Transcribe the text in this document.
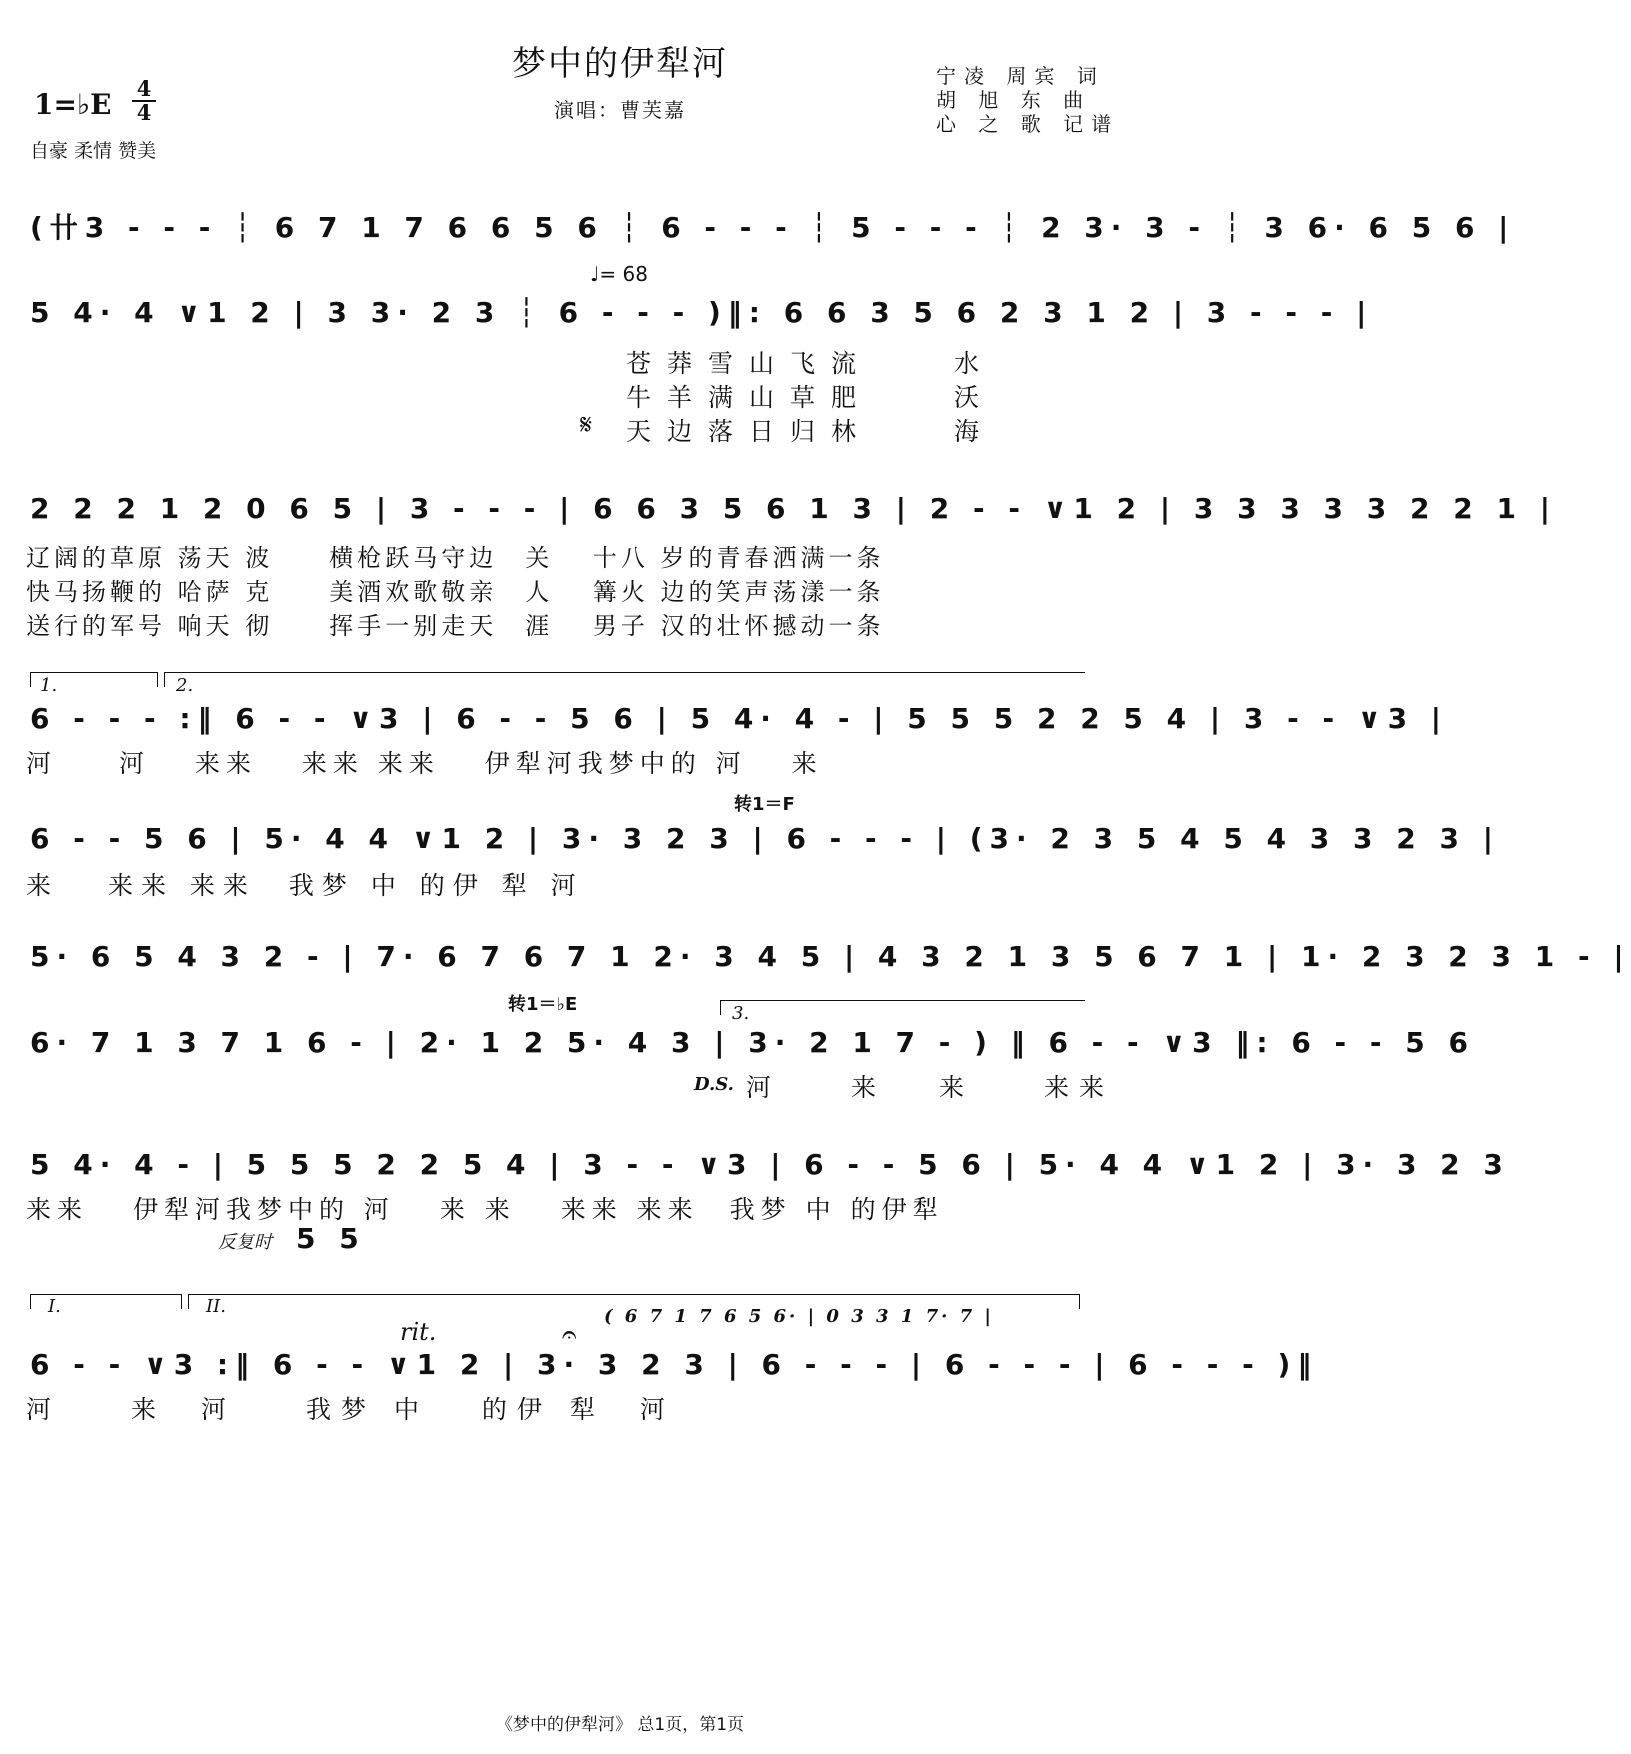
梦中的伊犁河
演唱：曹芙嘉
宁凌 周宾 词
胡 旭 东 曲
心 之 歌 记谱
1=♭E 4
4
自豪 柔情 赞美
(卄3 - - - ┆ 6 7 1 7 6 6 5 6 ┆ 6 - - - ┆ 5 - - - ┆ 2 3· 3 - ┆ 3 6· 6 5 6 |
♩= 68
5 4· 4 ∨1 2 | 3 3· 2 3 ┆ 6 - - - )‖: 6 6 3 5 6 2 3 1 2 | 3 - - - |
苍莽雪山飞流　　水
牛羊满山草肥　　沃
𝄋 天边落日归林　　海
2 2 2 1 2 0 6 5 | 3 - - - | 6 6 3 5 6 1 3 | 2 - - ∨1 2 | 3 3 3 3 3 2 2 1 |
辽阔的草原 荡天 波　　横枪跃马守边　关　 十八 岁的青春洒满一条
快马扬鞭的 哈萨 克　　美酒欢歌敬亲　人　 篝火 边的笑声荡漾一条
送行的军号 响天 彻　　挥手一别走天　涯　 男子 汉的壮怀撼动一条
1.	2.
6 - - - :‖ 6 - - ∨3 | 6 - - 5 6 | 5 4· 4 - | 5 5 5 2 2 5 4 | 3 - - ∨3 |
河　　河　 来来　 来来 来来　 伊犁河我梦中的 河　 来
转1＝F
6 - - 5 6 | 5· 4 4 ∨1 2 | 3· 3 2 3 | 6 - - - | (3· 2 3 5 4 5 4 3 3 2 3 |
来　 来来 来来　我梦 中 的伊 犁 河
5· 6 5 4 3 2 - | 7· 6 7 6 7 1 2· 3 4 5 | 4 3 2 1 3 5 6 7 1 | 1· 2 3 2 3 1 - |
转1＝♭E	3.
6· 7 1 3 7 1 6 - | 2· 1 2 5· 4 3 | 3· 2 1 7 - ) ‖ 6 - - ∨3 ‖: 6 - - 5 6
D.S. 河　　来　 来　　来来
5 4· 4 - | 5 5 5 2 2 5 4 | 3 - - ∨3 | 6 - - 5 6 | 5· 4 4 ∨1 2 | 3· 3 2 3
来来　 伊犁河我梦中的 河　 来 来　 来来 来来　我梦 中 的伊犁
反复时 5 5
I.	II.	( 6 7 1 7 6 5 6· | 0 3 3 1 7· 7 |
rit.	𝄐
6 - - ∨3 :‖ 6 - - ∨1 2 | 3· 3 2 3 | 6 - - - | 6 - - - | 6 - - - )‖
河　　来　河　　我梦 中　 的伊 犁　河
《梦中的伊犁河》 总1页，第1页
